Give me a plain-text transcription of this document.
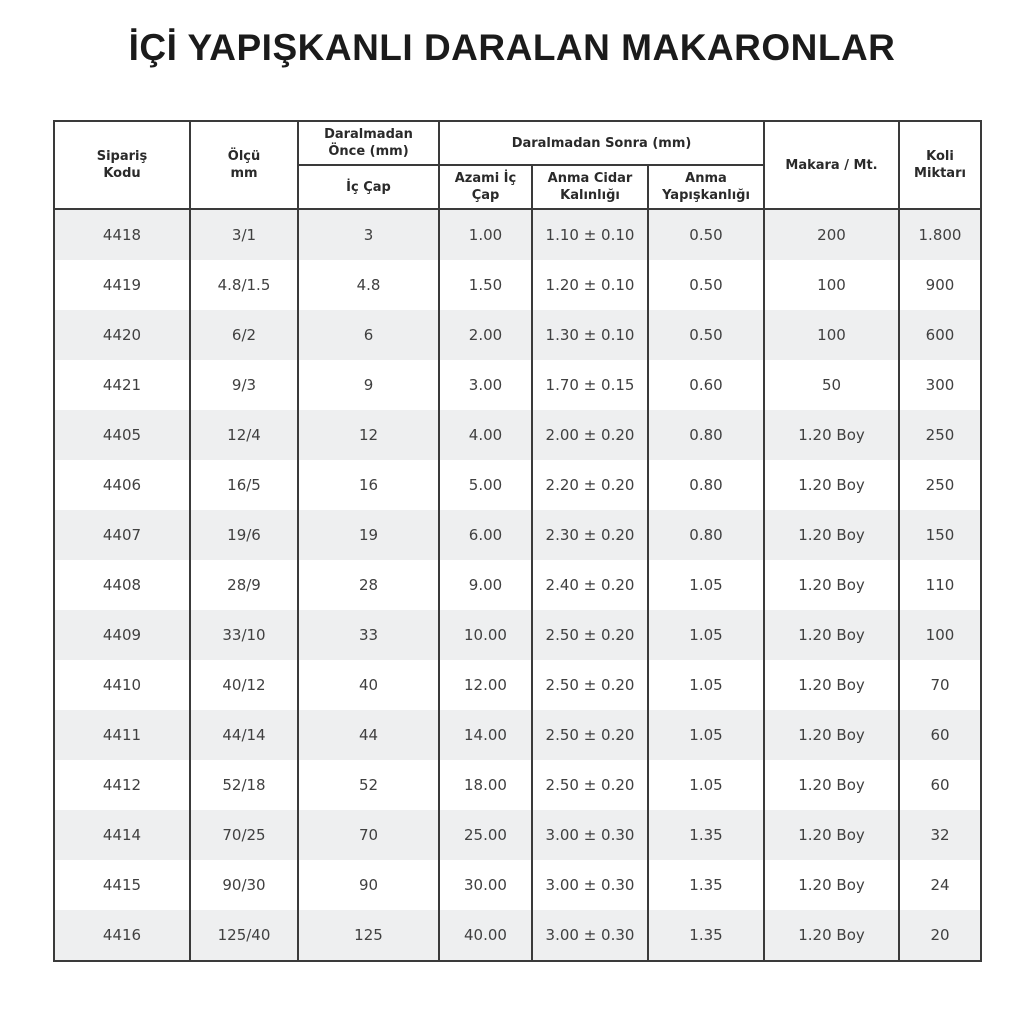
İÇİ YAPIŞKANLI DARALAN MAKARONLAR
Sipariş Kodu	Ölçü mm	Daralmadan Önce (mm)	Daralmadan Sonra (mm)			Makara / Mt.	Koli Miktarı
		İç Çap	Azami İç Çap	Anma Cidar Kalınlığı	Anma Yapışkanlığı		
4418	3/1	3	1.00	1.10 ± 0.10	0.50	200	1.800
4419	4.8/1.5	4.8	1.50	1.20 ± 0.10	0.50	100	900
4420	6/2	6	2.00	1.30 ± 0.10	0.50	100	600
4421	9/3	9	3.00	1.70 ± 0.15	0.60	50	300
4405	12/4	12	4.00	2.00 ± 0.20	0.80	1.20 Boy	250
4406	16/5	16	5.00	2.20 ± 0.20	0.80	1.20 Boy	250
4407	19/6	19	6.00	2.30 ± 0.20	0.80	1.20 Boy	150
4408	28/9	28	9.00	2.40 ± 0.20	1.05	1.20 Boy	110
4409	33/10	33	10.00	2.50 ± 0.20	1.05	1.20 Boy	100
4410	40/12	40	12.00	2.50 ± 0.20	1.05	1.20 Boy	70
4411	44/14	44	14.00	2.50 ± 0.20	1.05	1.20 Boy	60
4412	52/18	52	18.00	2.50 ± 0.20	1.05	1.20 Boy	60
4414	70/25	70	25.00	3.00 ± 0.30	1.35	1.20 Boy	32
4415	90/30	90	30.00	3.00 ± 0.30	1.35	1.20 Boy	24
4416	125/40	125	40.00	3.00 ± 0.30	1.35	1.20 Boy	20
